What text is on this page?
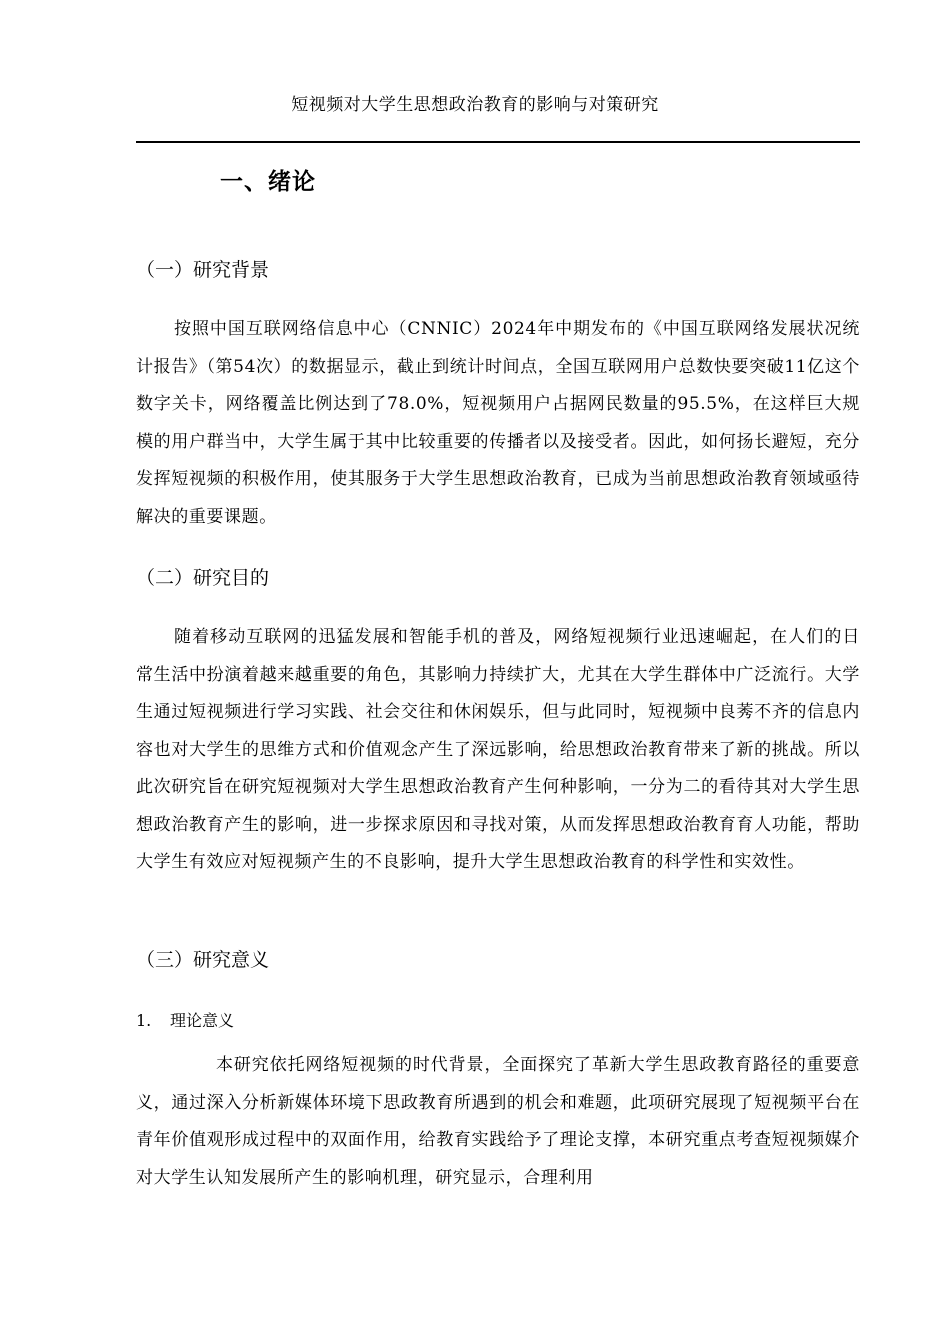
短视频对大学生思想政治教育的影响与对策研究
一、绪论
（一）研究背景

按照中国互联网络信息中心（CNNIC）2024年中期发布的《中国互联网络发展状况统计报告》（第54次）的数据显示，截止到统计时间点，全国互联网用户总数快要突破11亿这个数字关卡，网络覆盖比例达到了78.0%，短视频用户占据网民数量的95.5%，在这样巨大规模的用户群当中，大学生属于其中比较重要的传播者以及接受者。因此，如何扬长避短，充分发挥短视频的积极作用，使其服务于大学生思想政治教育，已成为当前思想政治教育领域亟待解决的重要课题。

（二）研究目的

随着移动互联网的迅猛发展和智能手机的普及，网络短视频行业迅速崛起，在人们的日常生活中扮演着越来越重要的角色，其影响力持续扩大，尤其在大学生群体中广泛流行。大学生通过短视频进行学习实践、社会交往和休闲娱乐，但与此同时，短视频中良莠不齐的信息内容也对大学生的思维方式和价值观念产生了深远影响，给思想政治教育带来了新的挑战。所以此次研究旨在研究短视频对大学生思想政治教育产生何种影响，一分为二的看待其对大学生思想政治教育产生的影响，进一步探求原因和寻找对策，从而发挥思想政治教育育人功能，帮助大学生有效应对短视频产生的不良影响，提升大学生思想政治教育的科学性和实效性。

（三）研究意义
1. 理论意义

本研究依托网络短视频的时代背景，全面探究了革新大学生思政教育路径的重要意义，通过深入分析新媒体环境下思政教育所遇到的机会和难题，此项研究展现了短视频平台在青年价值观形成过程中的双面作用，给教育实践给予了理论支撑，本研究重点考查短视频媒介对大学生认知发展所产生的影响机理，研究显示，合理利用
